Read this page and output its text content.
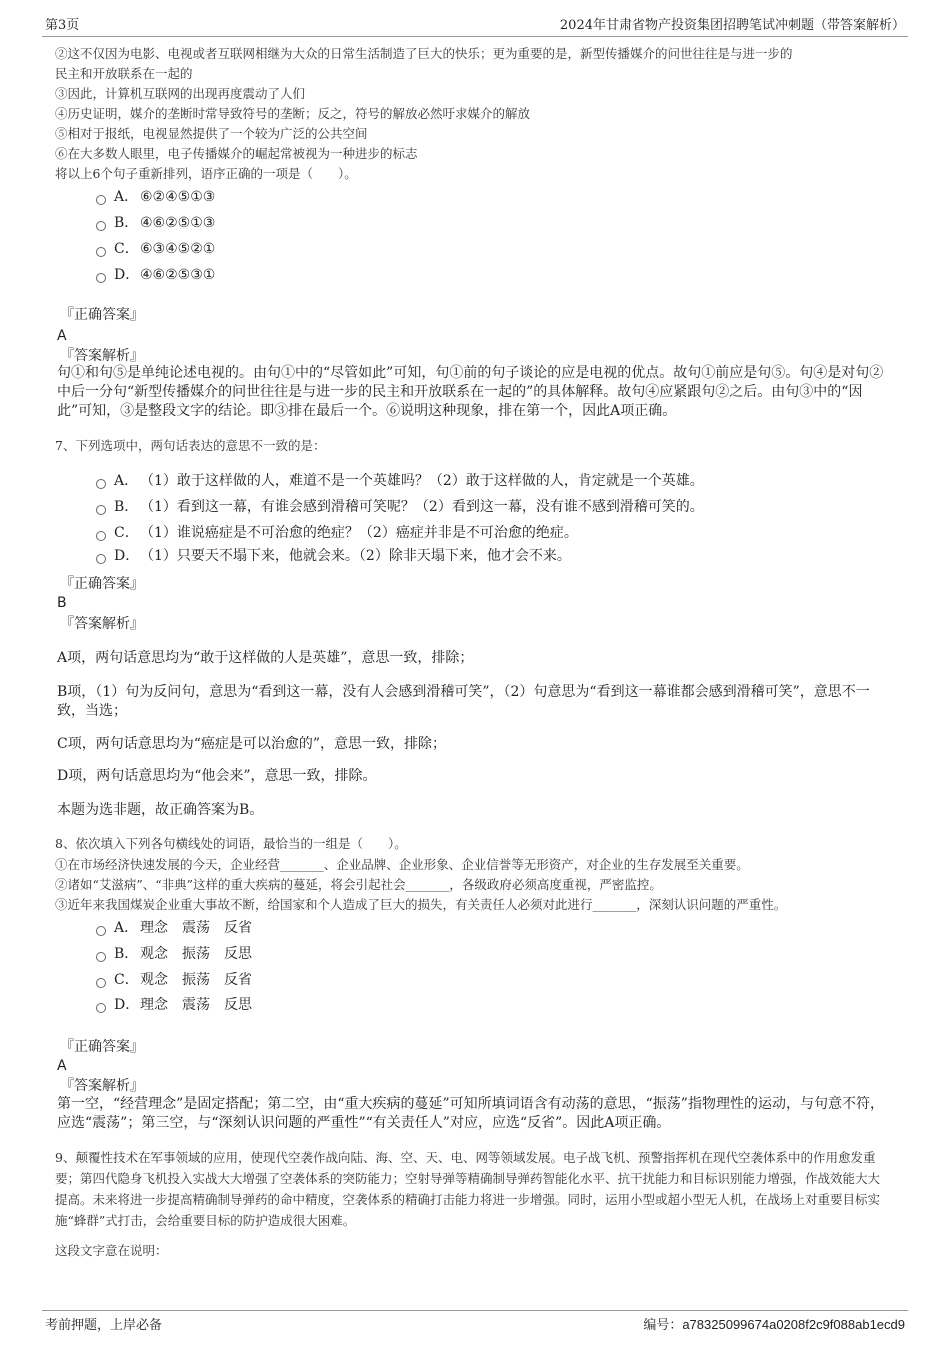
第3页	2024年甘肃省物产投资集团招聘笔试冲刺题（带答案解析）
②这不仅因为电影、电视或者互联网相继为大众的日常生活制造了巨大的快乐；更为重要的是，新型传播媒介的问世往往是与进一步的
民主和开放联系在一起的
③因此，计算机互联网的出现再度震动了人们
④历史证明，媒介的垄断时常导致符号的垄断；反之，符号的解放必然吁求媒介的解放
⑤相对于报纸，电视显然提供了一个较为广泛的公共空间
⑥在大多数人眼里，电子传播媒介的崛起常被视为一种进步的标志
将以上6个句子重新排列，语序正确的一项是（　　）。
A． ⑥②④⑤①③
B． ④⑥②⑤①③
C．⑥③④⑤②①
D．④⑥②⑤③①
『正确答案』
A
『答案解析』
句①和句⑤是单纯论述电视的。由句①中的“尽管如此”可知，句①前的句子谈论的应是电视的优点。故句①前应是句⑤。句④是对句②中后一分句“新型传播媒介的问世往往是与进一步的民主和开放联系在一起的”的具体解释。故句④应紧跟句②之后。由句③中的“因此”可知，③是整段文字的结论。即③排在最后一个。⑥说明这种现象，排在第一个，因此A项正确。
7、下列选项中，两句话表达的意思不一致的是：
A． （1）敢于这样做的人，难道不是一个英雄吗？（2）敢于这样做的人，肯定就是一个英雄。
B． （1）看到这一幕，有谁会感到滑稽可笑呢？（2）看到这一幕，没有谁不感到滑稽可笑的。
C．（1）谁说癌症是不可治愈的绝症？（2）癌症并非是不可治愈的绝症。
D．（1）只要天不塌下来，他就会来。（2）除非天塌下来，他才会不来。
『正确答案』
B
『答案解析』
A项，两句话意思均为“敢于这样做的人是英雄”，意思一致，排除；
B项，（1）句为反问句，意思为“看到这一幕，没有人会感到滑稽可笑”，（2）句意思为“看到这一幕谁都会感到滑稽可笑”，意思不一致，当选；
C项，两句话意思均为“癌症是可以治愈的”，意思一致，排除；
D项，两句话意思均为“他会来”，意思一致，排除。
本题为选非题，故正确答案为B。
8、依次填入下列各句横线处的词语，最恰当的一组是（　　）。
①在市场经济快速发展的今天，企业经营_______、企业品牌、企业形象、企业信誉等无形资产，对企业的生存发展至关重要。
②诸如“艾滋病”、“非典”这样的重大疾病的蔓延，将会引起社会_______，各级政府必须高度重视，严密监控。
③近年来我国煤炭企业重大事故不断，给国家和个人造成了巨大的损失，有关责任人必须对此进行_______，深刻认识问题的严重性。
A． 理念　震荡　反省
B． 观念　振荡　反思
C．观念　振荡　反省
D．理念　震荡　反思
『正确答案』
A
『答案解析』
第一空，“经营理念”是固定搭配；第二空，由“重大疾病的蔓延”可知所填词语含有动荡的意思，“振荡”指物理性的运动，与句意不符，应选“震荡”；第三空，与“深刻认识问题的严重性”“有关责任人”对应，应选“反省”。因此A项正确。
9、颠覆性技术在军事领域的应用，使现代空袭作战向陆、海、空、天、电、网等领域发展。电子战飞机、预警指挥机在现代空袭体系中的作用愈发重要；第四代隐身飞机投入实战大大增强了空袭体系的突防能力；空射导弹等精确制导弹药智能化水平、抗干扰能力和目标识别能力增强，作战效能大大提高。未来将进一步提高精确制导弹药的命中精度，空袭体系的精确打击能力将进一步增强。同时，运用小型或超小型无人机，在战场上对重要目标实施“蜂群”式打击，会给重要目标的防护造成很大困难。
这段文字意在说明：
考前押题，上岸必备	编号：a78325099674a0208f2c9f088ab1ecd9
